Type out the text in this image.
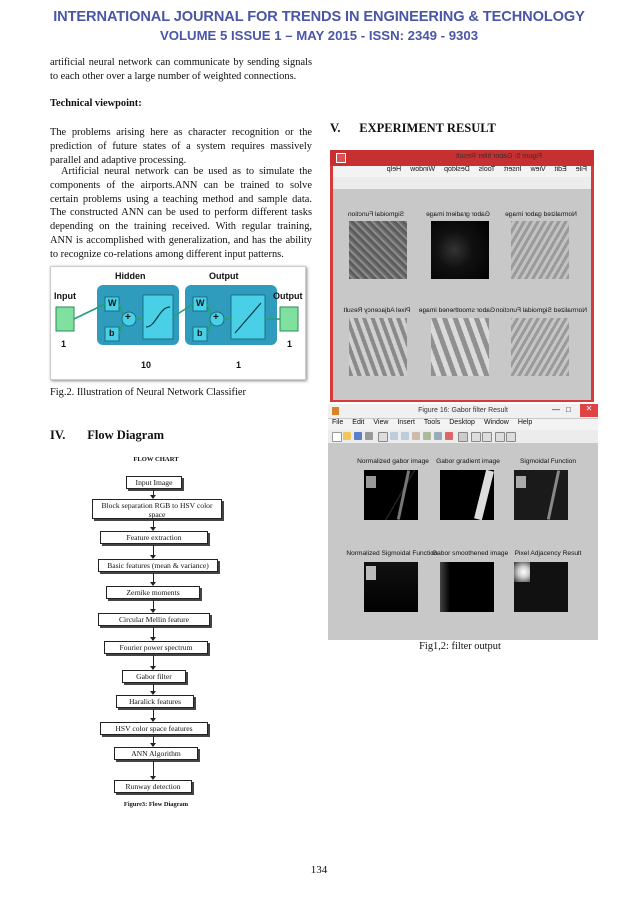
INTERNATIONAL JOURNAL FOR TRENDS IN ENGINEERING & TECHNOLOGY
VOLUME 5 ISSUE 1 – MAY 2015 - ISSN: 2349 - 9303

artificial neural network can communicate by sending signals to each other over a large number of weighted connections.

Technical viewpoint:

The problems arising here as character recognition or the prediction of future states of a system requires massively parallel and adaptive processing.

Artificial neural network can be used as to simulate the components of the airports.ANN can be trained to solve certain problems using a teaching method and sample data. The constructed ANN can be used to perform different tasks depending on the training received. With regular training, ANN is accomplished with generalization, and has the ability to recognize co-relations among different input patterns.

Hidden	Output
Input	Output
W
b
+
W
b
+
1
10	1
1
Fig.2. Illustration of Neural Network Classifier
IV.       Flow Diagram
FLOW CHART
Input Image
Block separation RGB to HSV color space
Feature extraction
Basic features (mean & variance)
Zernike moments
Circular Mellin feature
Fourier power spectrum
Gabor filter
Haralick features
HSV color space features
ANN Algorithm
Runway detection
Figure3: Flow Diagram
V.      EXPERIMENT RESULT
Figure 5: Gabor filter Result
FileEditViewInsertToolsDesktopWindowHelp
Sigmoidal Function	Gabor gradient image	Normalized gabor image
Pixel Adjacency Result	Gabor smoothened image Normalized Sigmoidal Function
Figure 16: Gabor filter Result	— □	✕
File Edit View Insert Tools Desktop Window Help
Normalized gabor image	Gabor gradient image	Sigmoidal Function
Normalized Sigmoidal Function
Gabor smoothened image Pixel Adjacency Result
Fig1,2: filter output
134
